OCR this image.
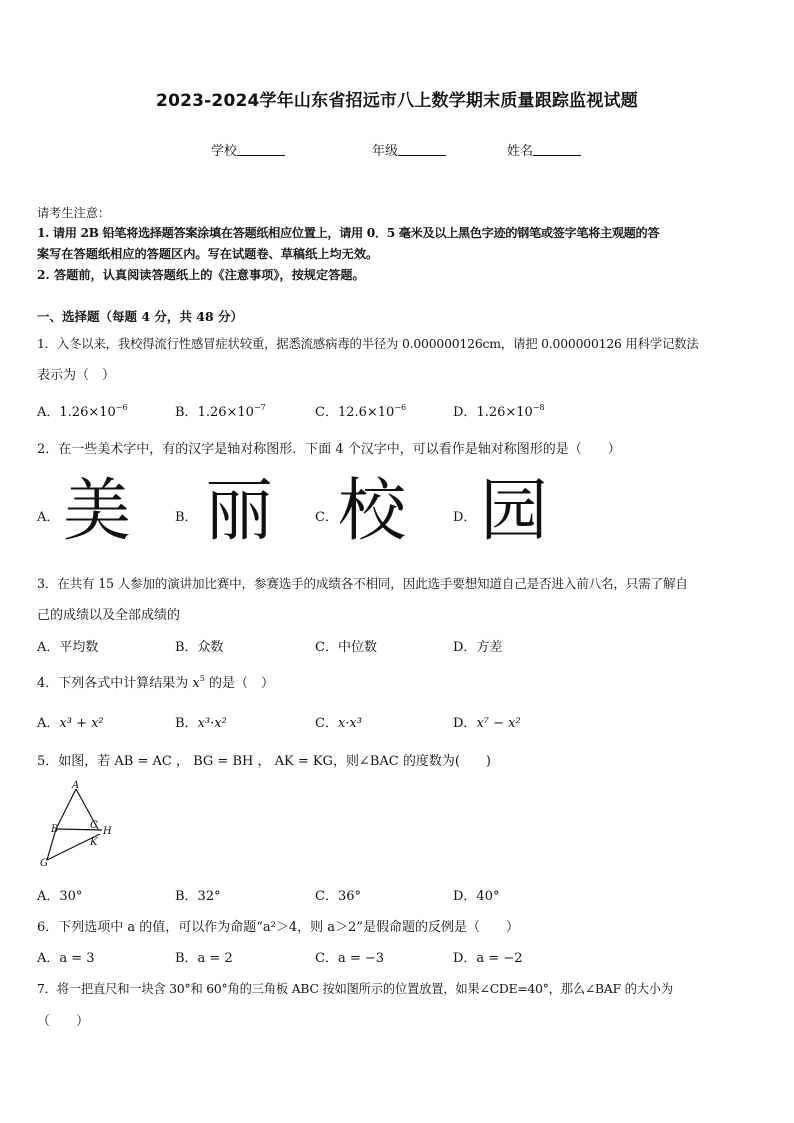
2023-2024学年山东省招远市八上数学期末质量跟踪监视试题
学校	年级	姓名
请考生注意：
1. 请用 2B 铅笔将选择题答案涂填在答题纸相应位置上，请用 0．5 毫米及以上黑色字迹的钢笔或签字笔将主观题的答
案写在答题纸相应的答题区内。写在试题卷、草稿纸上均无效。
2. 答题前，认真阅读答题纸上的《注意事项》，按规定答题。
一、选择题（每题 4 分，共 48 分）
1．入冬以来，我校得流行性感冒症状较重，据悉流感病毒的半径为 0.000000126cm，请把 0.000000126 用科学记数法
表示为（　）
A．$1.26\times 10^{-6}$	B．$1.26\times 10^{-7}$	C．$12.6\times 10^{-6}$	D．$1.26\times 10^{-8}$
2．在一些美术字中，有的汉字是轴对称图形．下面 4 个汉字中，可以看作是轴对称图形的是（　　）
A． 美	B． 丽	C． 校	D． 园
3．在共有 15 人参加的演讲加比赛中，参赛选手的成绩各不相同，因此选手要想知道自己是否进入前八名，只需了解自
己的成绩以及全部成绩的
A．平均数	B．众数	C．中位数	D．方差
4．下列各式中计算结果为 $x^5$ 的是（　）
A．x³ + x²	B．x³·x²	C．x·x³	D．x⁷ − x²
5．如图，若 AB = AC ， BG = BH ， AK = KG，则∠BAC 的度数为(　　)
A
B	C
H
K
G
A．30°	B．32°	C．36°	D．40°
6．下列选项中 a 的值，可以作为命题“a²＞4，则 a＞2”是假命题的反例是（　　）
A．a = 3	B．a = 2	C．a = −3	D．a = −2
7．将一把直尺和一块含 30°和 60°角的三角板 ABC 按如图所示的位置放置，如果∠CDE=40°，那么∠BAF 的大小为
（　　）
